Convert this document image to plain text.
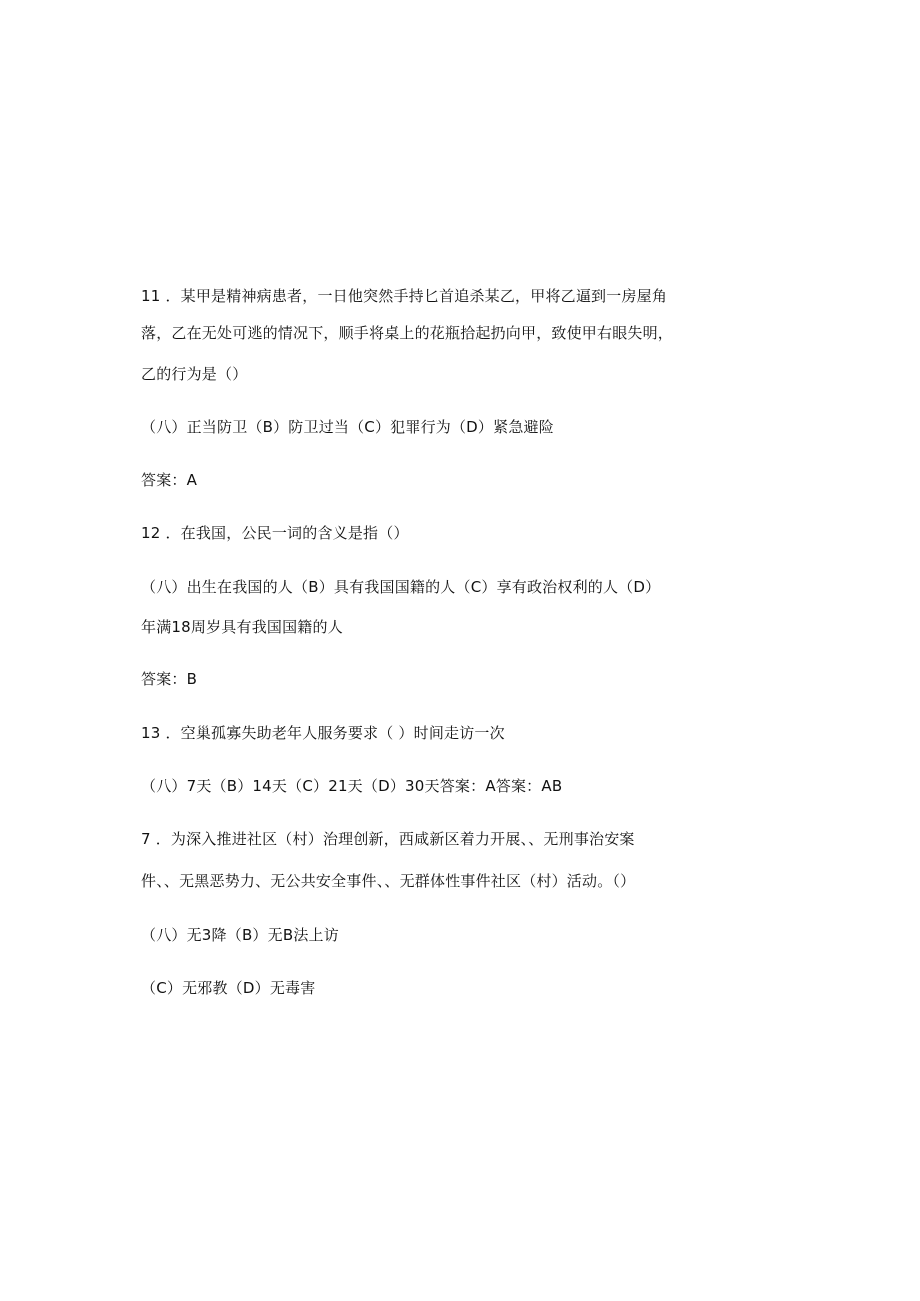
11 ．某甲是精神病患者，一日他突然手持匕首追杀某乙，甲将乙逼到一房屋角
落，乙在无处可逃的情况下，顺手将桌上的花瓶拾起扔向甲，致使甲右眼失明，
乙的行为是（）
（八）正当防卫（B）防卫过当（C）犯罪行为（D）紧急避险
答案：A
12 ．在我国，公民一词的含义是指（）
（八）出生在我国的人（B）具有我国国籍的人（C）享有政治权利的人（D）
年满18周岁具有我国国籍的人
答案：B
13 ．空巢孤寡失助老年人服务要求（ ）时间走访一次
（八）7天（B）14天（C）21天（D）30天答案：A答案：AB
7 ．为深入推进社区（村）治理创新，西咸新区着力开展、、无刑事治安案
件、、无黑恶势力、无公共安全事件、、无群体性事件社区（村）活动。（）
（八）无3降（B）无B法上访
（C）无邪教（D）无毒害
